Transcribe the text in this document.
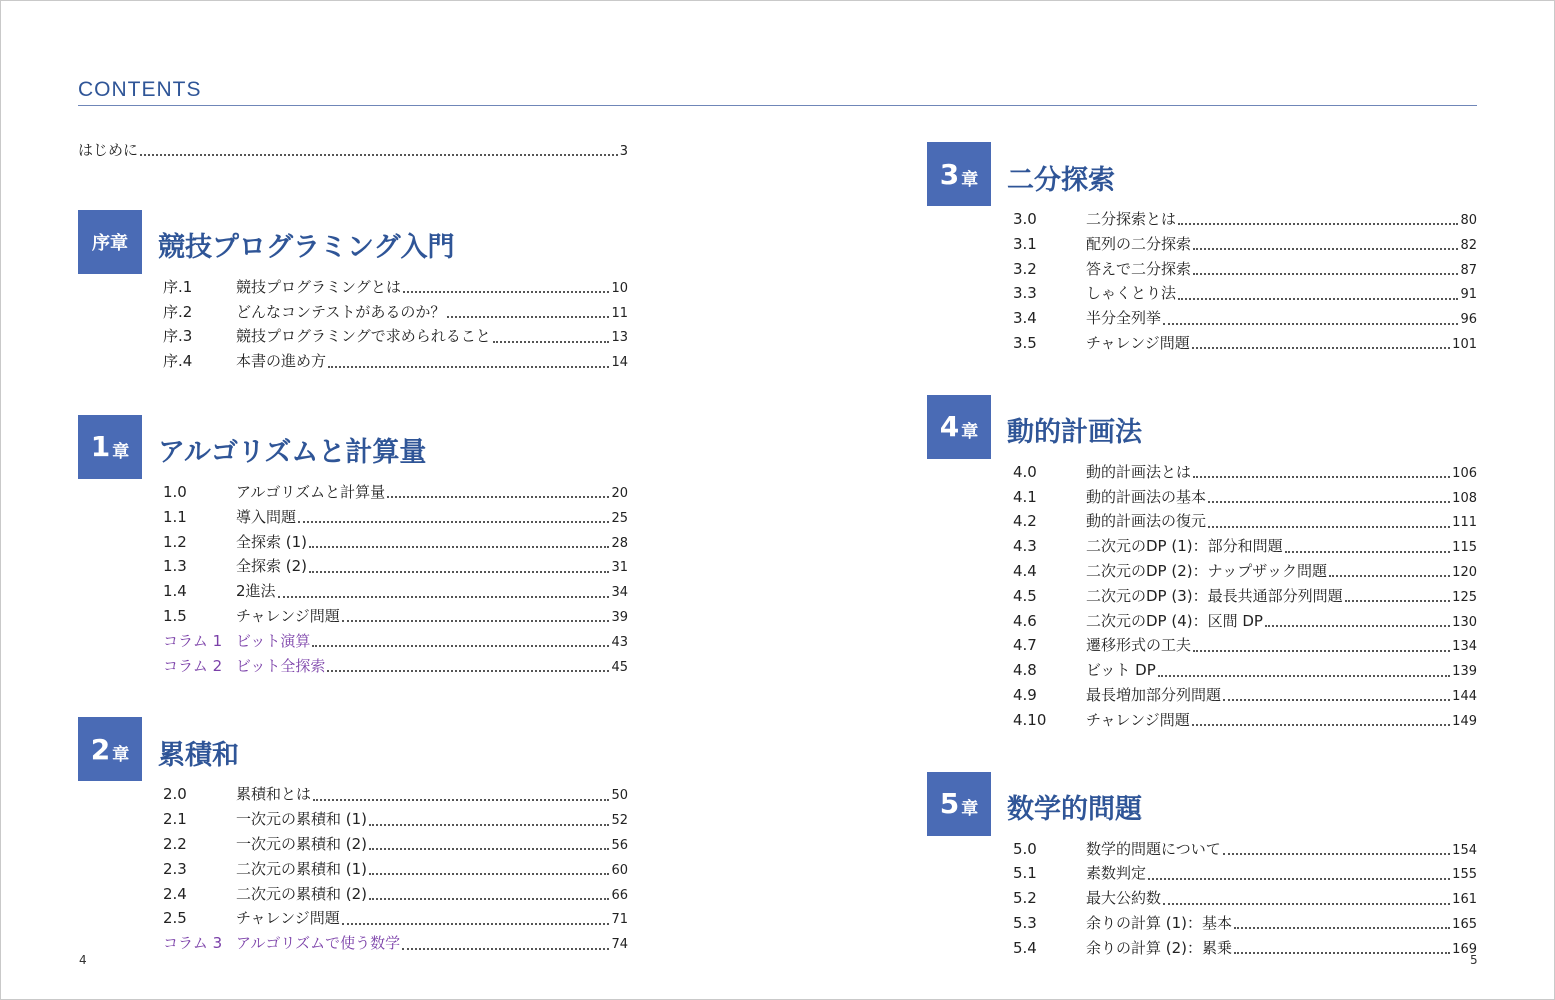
CONTENTS
はじめに	3
序章 競技プログラミング入門
序.1	競技プログラミングとは	10
序.2	どんなコンテストがあるのか？	11
序.3	競技プログラミングで求められること	13
序.4	本書の進め方	14
1 章 アルゴリズムと計算量
1.0	アルゴリズムと計算量	20
1.1	導入問題	25
1.2	全探索 (1)	28
1.3	全探索 (2)	31
1.4	2進法	34
1.5	チャレンジ問題	39
コラム 1 ビット演算	43
コラム 2 ビット全探索	45
2 章 累積和
2.0	累積和とは	50
2.1	一次元の累積和 (1)	52
2.2	一次元の累積和 (2)	56
2.3	二次元の累積和 (1)	60
2.4	二次元の累積和 (2)	66
2.5	チャレンジ問題	71
コラム 3 アルゴリズムで使う数学	74
3 章 二分探索
3.0	二分探索とは	80
3.1	配列の二分探索	82
3.2	答えで二分探索	87
3.3	しゃくとり法	91
3.4	半分全列挙	96
3.5	チャレンジ問題	101
4 章 動的計画法
4.0	動的計画法とは	106
4.1	動的計画法の基本	108
4.2	動的計画法の復元	111
4.3	二次元のDP (1)：部分和問題	115
4.4	二次元のDP (2)：ナップザック問題	120
4.5	二次元のDP (3)：最長共通部分列問題	125
4.6	二次元のDP (4)：区間 DP	130
4.7	遷移形式の工夫	134
4.8	ビット DP	139
4.9	最長増加部分列問題	144
4.10	チャレンジ問題	149
5 章 数学的問題
5.0	数学的問題について	154
5.1	素数判定	155
5.2	最大公約数	161
5.3	余りの計算 (1)：基本	165
5.4	余りの計算 (2)：累乗	169
4	5
